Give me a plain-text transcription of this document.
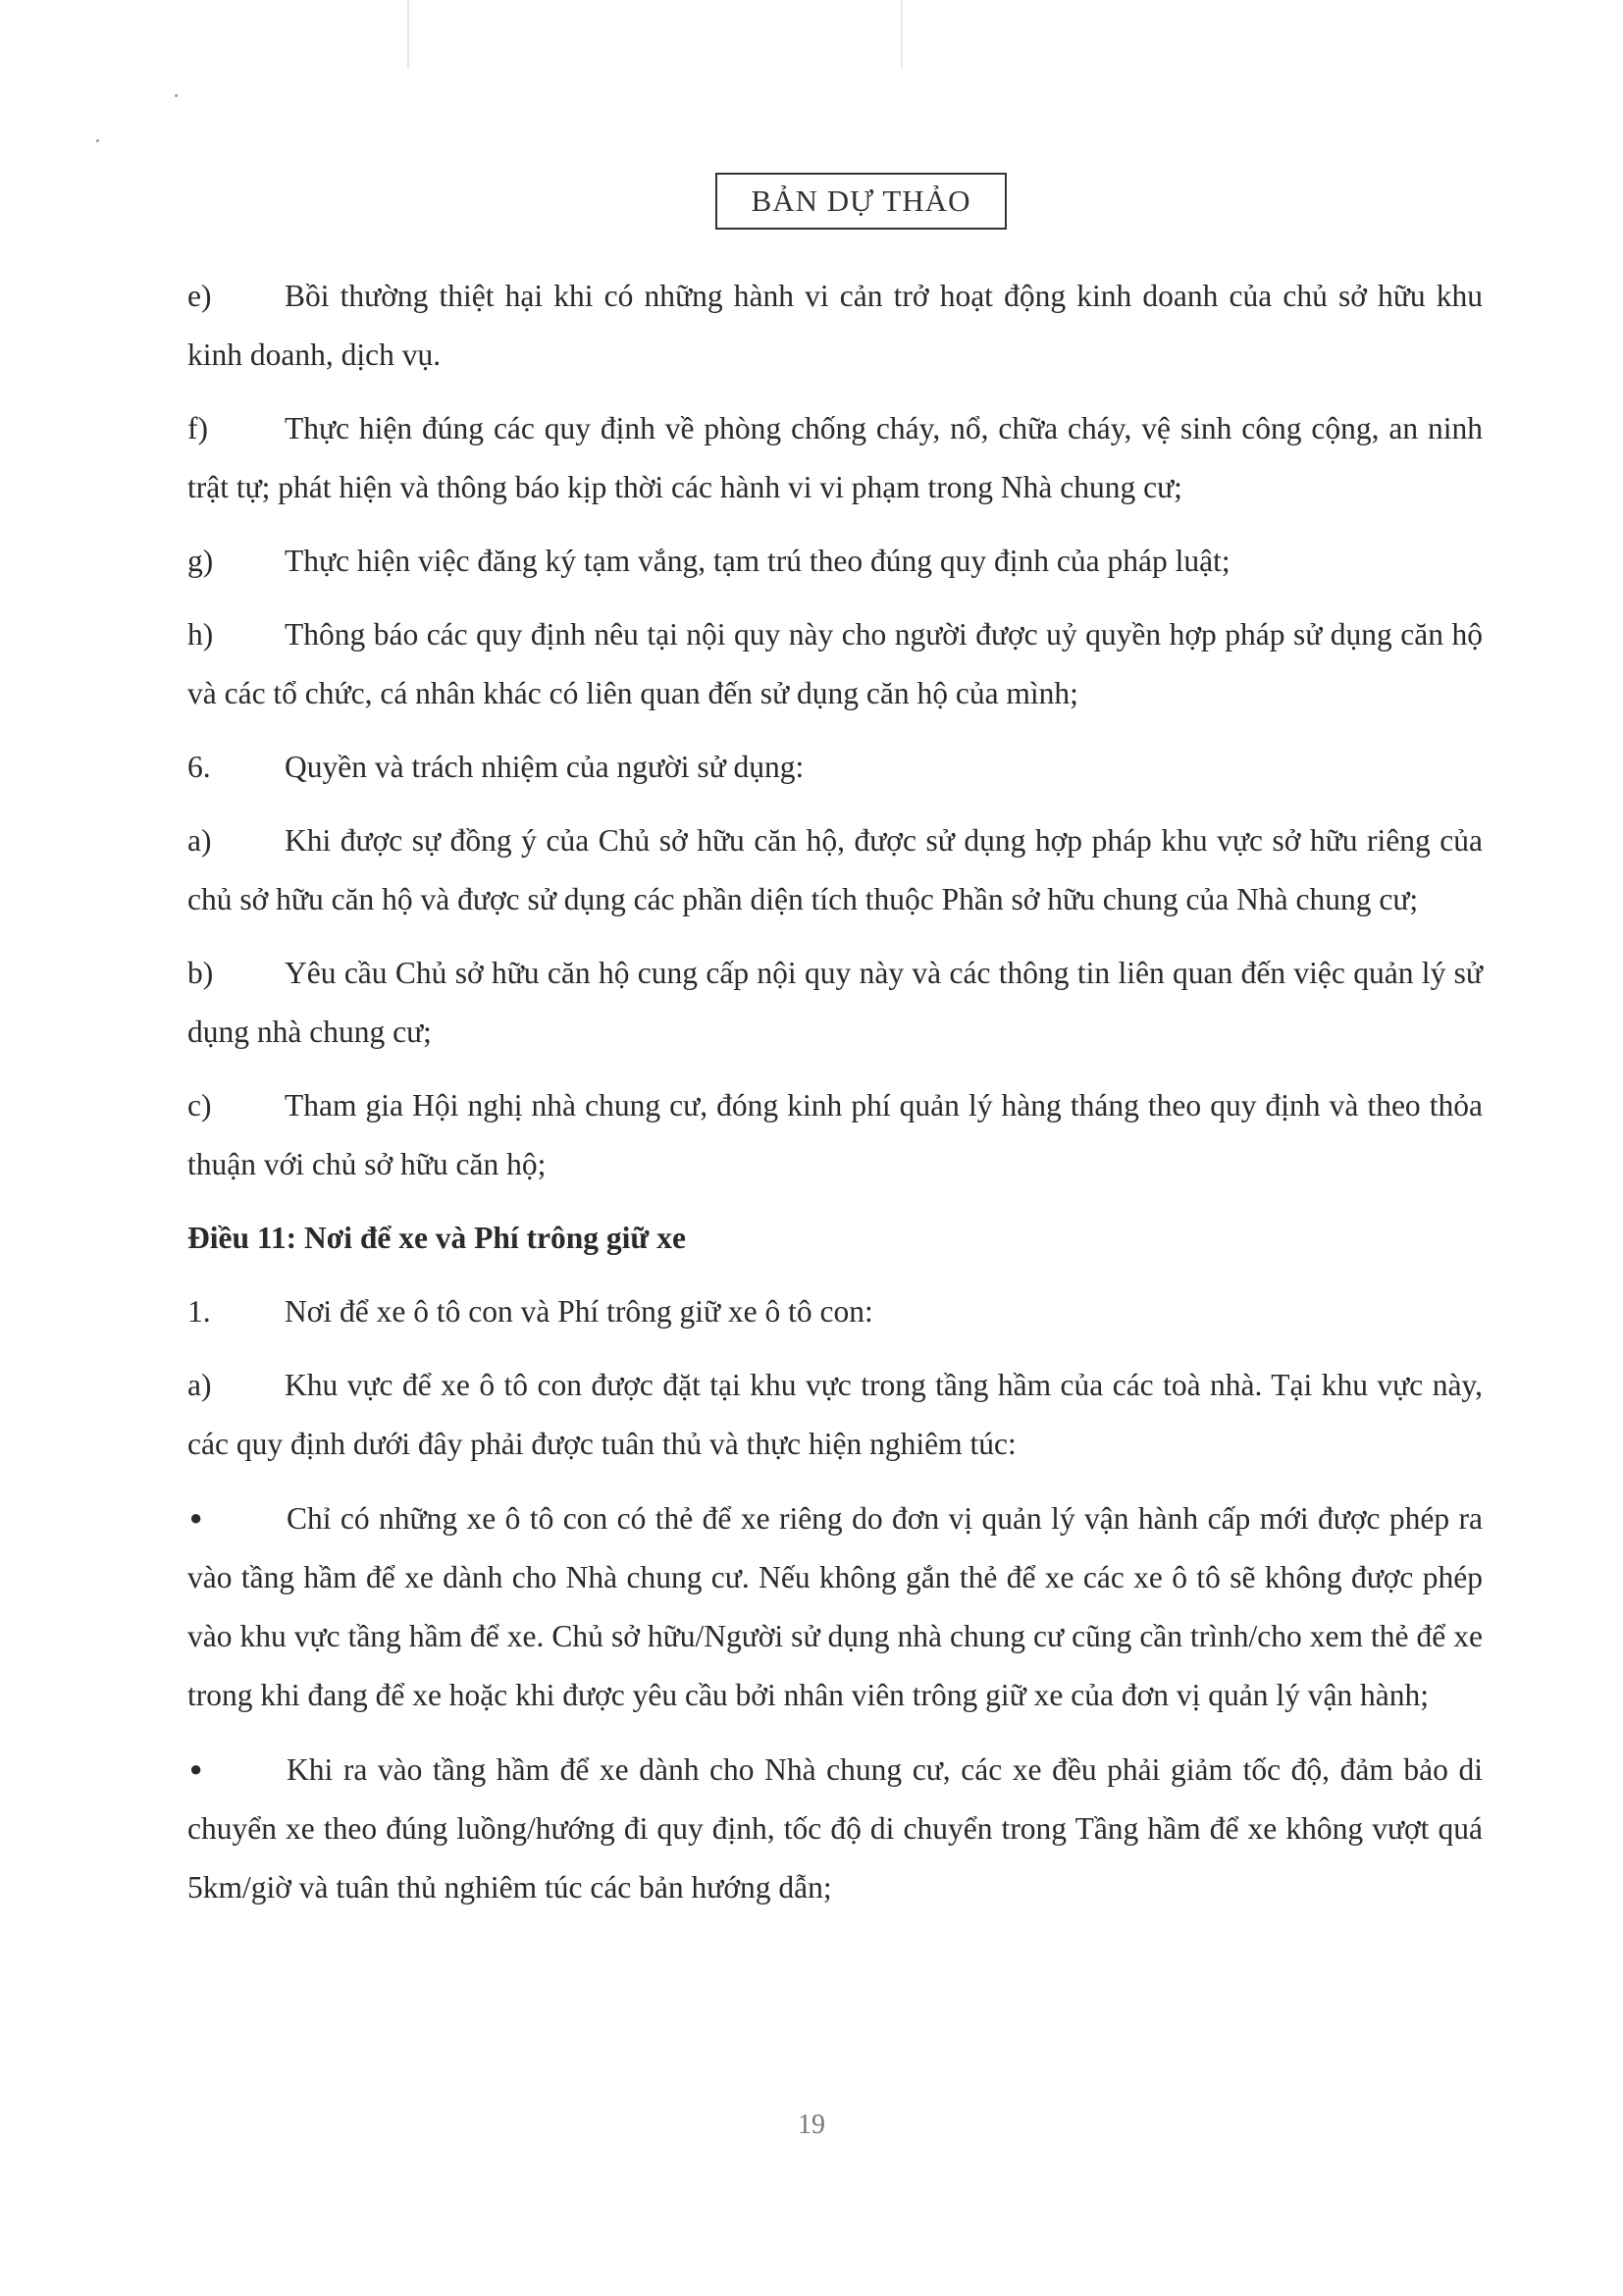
BẢN DỰ THẢO

e) Bồi thường thiệt hại khi có những hành vi cản trở hoạt động kinh doanh của chủ sở hữu khu kinh doanh, dịch vụ.

f) Thực hiện đúng các quy định về phòng chống cháy, nổ, chữa cháy, vệ sinh công cộng, an ninh trật tự; phát hiện và thông báo kịp thời các hành vi vi phạm trong Nhà chung cư;

g) Thực hiện việc đăng ký tạm vắng, tạm trú theo đúng quy định của pháp luật;

h) Thông báo các quy định nêu tại nội quy này cho người được uỷ quyền hợp pháp sử dụng căn hộ và các tổ chức, cá nhân khác có liên quan đến sử dụng căn hộ của mình;

6. Quyền và trách nhiệm của người sử dụng:

a) Khi được sự đồng ý của Chủ sở hữu căn hộ, được sử dụng hợp pháp khu vực sở hữu riêng của chủ sở hữu căn hộ và được sử dụng các phần diện tích thuộc Phần sở hữu chung của Nhà chung cư;

b) Yêu cầu Chủ sở hữu căn hộ cung cấp nội quy này và các thông tin liên quan đến việc quản lý sử dụng nhà chung cư;

c) Tham gia Hội nghị nhà chung cư, đóng kinh phí quản lý hàng tháng theo quy định và theo thỏa thuận với chủ sở hữu căn hộ;

Điều 11: Nơi để xe và Phí trông giữ xe

1. Nơi để xe ô tô con và Phí trông giữ xe ô tô con:

a) Khu vực để xe ô tô con được đặt tại khu vực trong tầng hầm của các toà nhà. Tại khu vực này, các quy định dưới đây phải được tuân thủ và thực hiện nghiêm túc:

●	Chỉ có những xe ô tô con có thẻ để xe riêng do đơn vị quản lý vận hành cấp mới được phép ra vào tầng hầm để xe dành cho Nhà chung cư. Nếu không gắn thẻ để xe các xe ô tô sẽ không được phép vào khu vực tầng hầm để xe. Chủ sở hữu/Người sử dụng nhà chung cư cũng cần trình/cho xem thẻ để xe trong khi đang để xe hoặc khi được yêu cầu bởi nhân viên trông giữ xe của đơn vị quản lý vận hành;

●	Khi ra vào tầng hầm để xe dành cho Nhà chung cư, các xe đều phải giảm tốc độ, đảm bảo di chuyển xe theo đúng luồng/hướng đi quy định, tốc độ di chuyển trong Tầng hầm để xe không vượt quá 5km/giờ và tuân thủ nghiêm túc các bản hướng dẫn;

19
